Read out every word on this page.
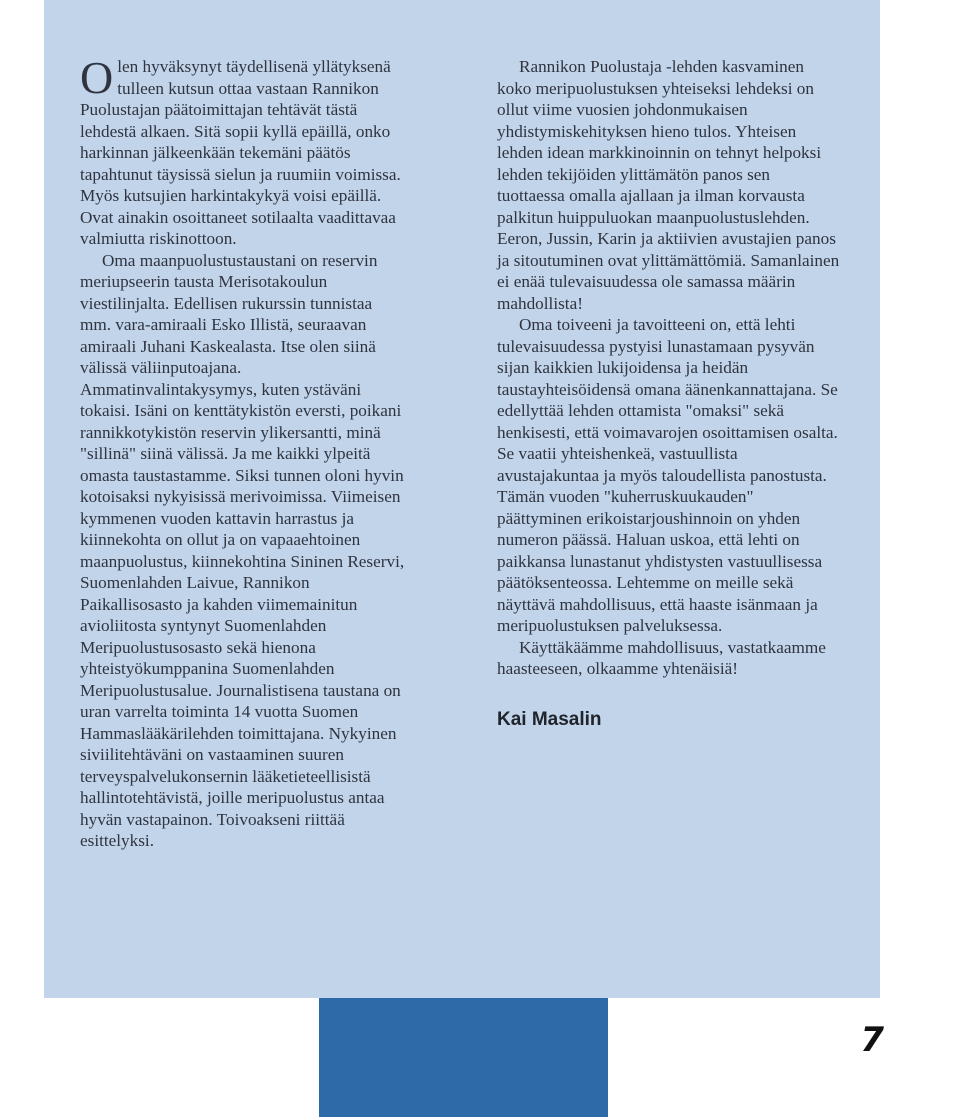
Olen hyväksynyt täydellisenä yllätyksenä tulleen kutsun ottaa vastaan Rannikon Puolustajan päätoimittajan tehtävät tästä lehdestä alkaen. Sitä sopii kyllä epäillä, onko harkinnan jälkeenkään tekemäni päätös tapahtunut täysissä sielun ja ruumiin voimissa. Myös kutsujien harkintakykyä voisi epäillä. Ovat ainakin osoittaneet sotilaalta vaadittavaa valmiutta riskinottoon.

Oma maanpuolustustaustani on reservin meriupseerin tausta Merisotakoulun viestilinjalta. Edellisen rukurssin tunnistaa mm. vara-amiraali Esko Illistä, seuraavan amiraali Juhani Kaskealasta. Itse olen siinä välissä väliinputoajana. Ammatinvalintakysymys, kuten ystäväni tokaisi. Isäni on kenttätykistön eversti, poikani rannikkotykistön reservin ylikersantti, minä "sillinä" siinä välissä. Ja me kaikki ylpeitä omasta taustastamme. Siksi tunnen oloni hyvin kotoisaksi nykyisissä merivoimissa. Viimeisen kymmenen vuoden kattavin harrastus ja kiinnekohta on ollut ja on vapaaehtoinen maanpuolustus, kiinnekohtina Sininen Reservi, Suomenlahden Laivue, Rannikon Paikallisosasto ja kahden viimemainitun avioliitosta syntynyt Suomenlahden Meripuolustusosasto sekä hienona yhteistyökumppanina Suomenlahden Meripuolustusalue. Journalistisena taustana on uran varrelta toiminta 14 vuotta Suomen Hammaslääkärilehden toimittajana. Nykyinen siviilitehtäväni on vastaaminen suuren terveyspalvelukonsernin lääketieteellisistä hallintotehtävistä, joille meripuolustus antaa hyvän vastapainon. Toivoakseni riittää esittelyksi.

Rannikon Puolustaja -lehden kasvaminen koko meripuolustuksen yhteiseksi lehdeksi on ollut viime vuosien johdonmukaisen yhdistymiskehityksen hieno tulos. Yhteisen lehden idean markkinoinnin on tehnyt helpoksi lehden tekijöiden ylittämätön panos sen tuottaessa omalla ajallaan ja ilman korvausta palkitun huippuluokan maanpuolustuslehden. Eeron, Jussin, Karin ja aktiivien avustajien panos ja sitoutuminen ovat ylittämättömiä. Samanlainen ei enää tulevaisuudessa ole samassa määrin mahdollista!

Oma toiveeni ja tavoitteeni on, että lehti tulevaisuudessa pystyisi lunastamaan pysyvän sijan kaikkien lukijoidensa ja heidän taustayhteisöidensä omana äänenkannattajana. Se edellyttää lehden ottamista "omaksi" sekä henkisesti, että voimavarojen osoittamisen osalta. Se vaatii yhteishenkeä, vastuullista avustajakuntaa ja myös taloudellista panostusta. Tämän vuoden "kuherruskuukauden" päättyminen erikoistarjoushinnoin on yhden numeron päässä. Haluan uskoa, että lehti on paikkansa lunastanut yhdistysten vastuullisessa päätöksenteossa. Lehtemme on meille sekä näyttävä mahdollisuus, että haaste isänmaan ja meripuolustuksen palveluksessa.

Käyttäkäämme mahdollisuus, vastatkaamme haasteeseen, olkaamme yhtenäisiä!

Kai Masalin

7
